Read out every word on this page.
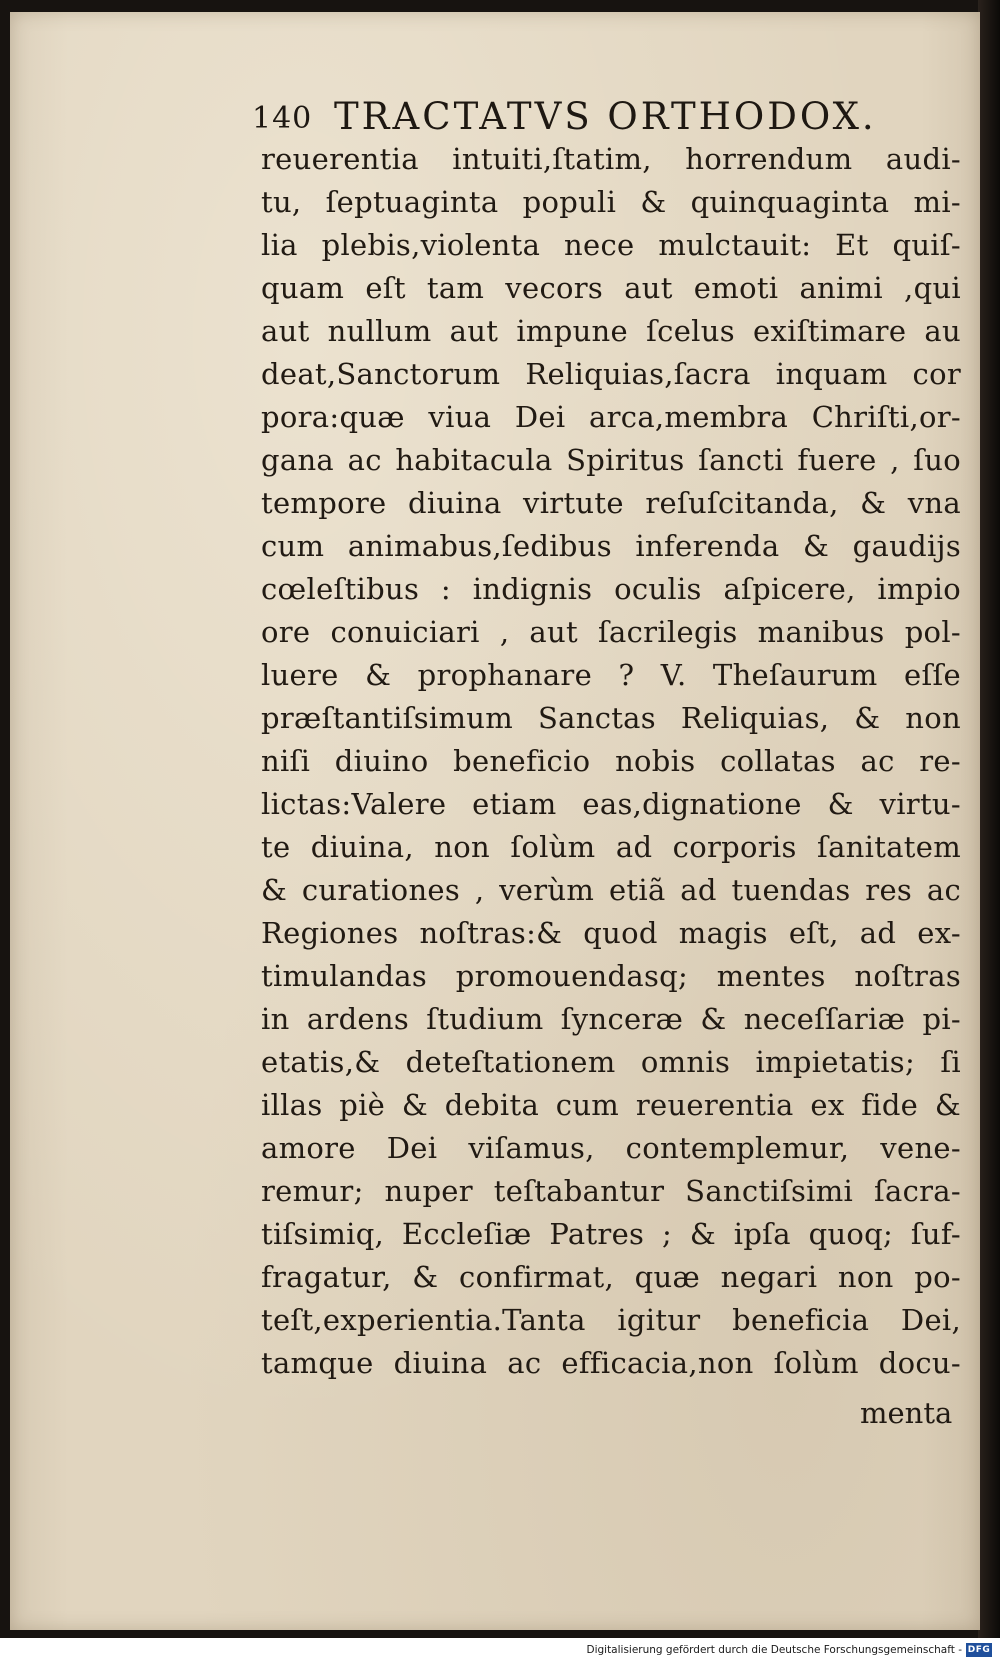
140 TRACTATVS ORTHODOX.
reuerentia intuiti,ſtatim, horrendum audi-
tu, ſeptuaginta populi & quinquaginta mi-
lia plebis,violenta nece mulctauit: Et quiſ-
quam eſt tam vecors aut emoti animi ,qui
aut nullum aut impune ſcelus exiſtimare au
deat,Sanctorum Reliquias,ſacra inquam cor
pora:quæ viua Dei arca,membra Chriſti,or-
gana ac habitacula Spiritus ſancti fuere , ſuo
tempore diuina virtute reſuſcitanda, & vna
cum animabus,ſedibus inferenda & gaudijs
cœleſtibus : indignis oculis aſpicere, impio
ore conuiciari , aut ſacrilegis manibus pol-
luere & prophanare ? V. Theſaurum eſſe
præſtantiſsimum Sanctas Reliquias, & non
niſi diuino beneficio nobis collatas ac re-
lictas:Valere etiam eas,dignatione & virtu-
te diuina, non ſolùm ad corporis ſanitatem
& curationes , verùm etiã ad tuendas res ac
Regiones noſtras:& quod magis eſt, ad ex-
timulandas promouendasq; mentes noſtras
in ardens ſtudium ſynceræ & neceſſariæ pi-
etatis,& deteſtationem omnis impietatis; ſi
illas piè & debita cum reuerentia ex fide &
amore Dei viſamus, contemplemur, vene-
remur; nuper teſtabantur Sanctiſsimi ſacra-
tiſsimiq, Eccleſiæ Patres ; & ipſa quoq; ſuf-
fragatur, & confirmat, quæ negari non po-
teſt,experientia.Tanta igitur beneficia Dei,
tamque diuina ac efficacia,non ſolùm docu-
menta
Digitalisierung gefördert durch die Deutsche Forschungsgemeinschaft - DFG
